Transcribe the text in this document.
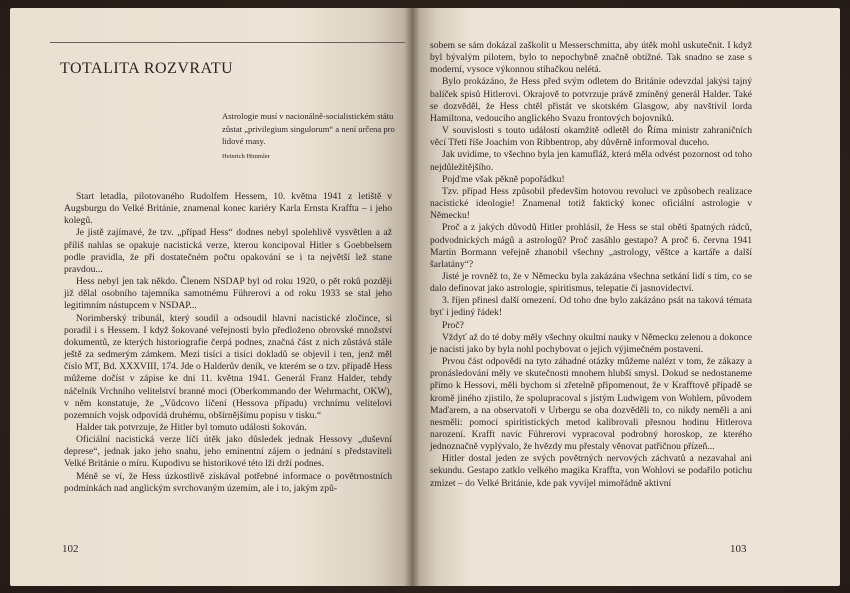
TOTALITA ROZVRATU
Astrologie musí v nacionálně-socialistickém státu zůstat „privilegium singulorum“ a není určena pro lidové masy.
Heinrich Himmler

Start letadla, pilotovaného Rudolfem Hessem, 10. května 1941 z letiště v Augsburgu do Velké Británie, znamenal konec kariéry Karla Ernsta Kraffta – i jeho kolegů.

Je jistě zajímavé, že tzv. „případ Hess“ dodnes nebyl spolehlivě vysvětlen a až příliš nahlas se opakuje nacistická verze, kterou koncipoval Hitler s Goebbelsem podle pravidla, že při dostatečném počtu opakování se i ta největší lež stane pravdou...

Hess nebyl jen tak někdo. Členem NSDAP byl od roku 1920, o pět roků později již dělal osobního tajemníka samotnému Führerovi a od roku 1933 se stal jeho legitimním nástupcem v NSDAP...

Norimberský tribunál, který soudil a odsoudil hlavní nacistické zločince, si poradil i s Hessem. I když šokované veřejnosti bylo předloženo obrovské množství dokumentů, ze kterých historiografie čerpá podnes, značná část z nich zůstává stále ještě za sedmerým zámkem. Mezi tisíci a tisíci dokladů se objevil i ten, jenž měl číslo MT, Bd. XXXVIII, 174. Jde o Halderův deník, ve kterém se o tzv. případě Hess můžeme dočíst v zápise ke dni 11. května 1941. Generál Franz Halder, tehdy náčelník Vrchního velitelství branné moci (Oberkommando der Wehrmacht, OKW), v něm konstatuje, že „Vůdcovo líčení (Hessova případu) vrchnímu velitelovi pozemních vojsk odpovídá druhému, obšírnějšímu popisu v tisku.“

Halder tak potvrzuje, že Hitler byl tomuto události šokován.

Oficiální nacistická verze líčí útěk jako důsledek jednak Hessovy „duševní deprese“, jednak jako jeho snahu, jeho eminentní zájem o jednání s představiteli Velké Británie o míru. Kupodivu se historikové této lži drží podnes.

Méně se ví, že Hess úzkostlivě získával potřebné informace o povětrnostních podmínkách nad anglickým svrchovaným územím, ale i to, jakým způ-

sobem se sám dokázal zaškolit u Messerschmitta, aby útěk mohl uskutečnit. I když byl bývalým pilotem, bylo to nepochybně značně obtížné. Tak snadno se zase s moderní, vysoce výkonnou stíhačkou nelétá.

Bylo prokázáno, že Hess před svým odletem do Británie odevzdal jakýsi tajný balíček spisů Hitlerovi. Okrajově to potvrzuje právě zmíněný generál Halder. Také se dozvěděl, že Hess chtěl přistát ve skotském Glasgow, aby navštívil lorda Hamiltona, vedoucího anglického Svazu frontových bojovníků.

V souvislosti s touto událostí okamžitě odletěl do Říma ministr zahraničních věcí Třetí říše Joachim von Ribbentrop, aby důvěrně informoval duceho.

Jak uvidíme, to všechno byla jen kamufláž, která měla odvést pozornost od toho nejdůležitějšího.

Pojďme však pěkně popořádku!

Tzv. případ Hess způsobil především hotovou revoluci ve způsobech realizace nacistické ideologie! Znamenal totiž faktický konec oficiální astrologie v Německu!

Proč a z jakých důvodů Hitler prohlásil, že Hess se stal obětí špatných rádců, podvodnických mágů a astrologů? Proč zasáhlo gestapo? A proč 6. června 1941 Martin Bormann veřejně zhanobil všechny „astrology, věštce a kartáře a další šarlatány“?

Jisté je rovněž to, že v Německu byla zakázána všechna setkání lidí s tím, co se dalo definovat jako astrologie, spiritismus, telepatie či jasnovidectví.

3. říjen přinesl další omezení. Od toho dne bylo zakázáno psát na taková témata byť i jediný řádek!

Proč?

Vždyť až do té doby měly všechny okultní nauky v Německu zelenou a dokonce je nacisti jako by byla nohl pochybovat o jejich výjimečném postavení.

Prvou část odpovědi na tyto záhadné otázky můžeme nalézt v tom, že zákazy a pronásledování měly ve skutečnosti mnohem hlubší smysl. Dokud se nedostaneme přímo k Hessovi, měli bychom si zřetelně připomenout, že v Krafftově případě se kromě jiného zjistilo, že spolupracoval s jistým Ludwigem von Wohlem, původem Maďarem, a na observatoři v Urbergu se oba dozvěděli to, co nikdy neměli a ani nesměli: pomocí spiritistických metod kalibrovali přesnou hodinu Hitlerova narození. Krafft navíc Führerovi vypracoval podrobný horoskop, ze kterého jednoznačně vyplývalo, že hvězdy mu přestaly věnovat patřičnou přízeň...

Hitler dostal jeden ze svých povětrných nervových záchvatů a nezavahal ani sekundu. Gestapo zatklo velkého magika Kraffta, von Wohlovi se podařilo potichu zmizet – do Velké Británie, kde pak vyvíjel mimořádně aktivní

102	103
